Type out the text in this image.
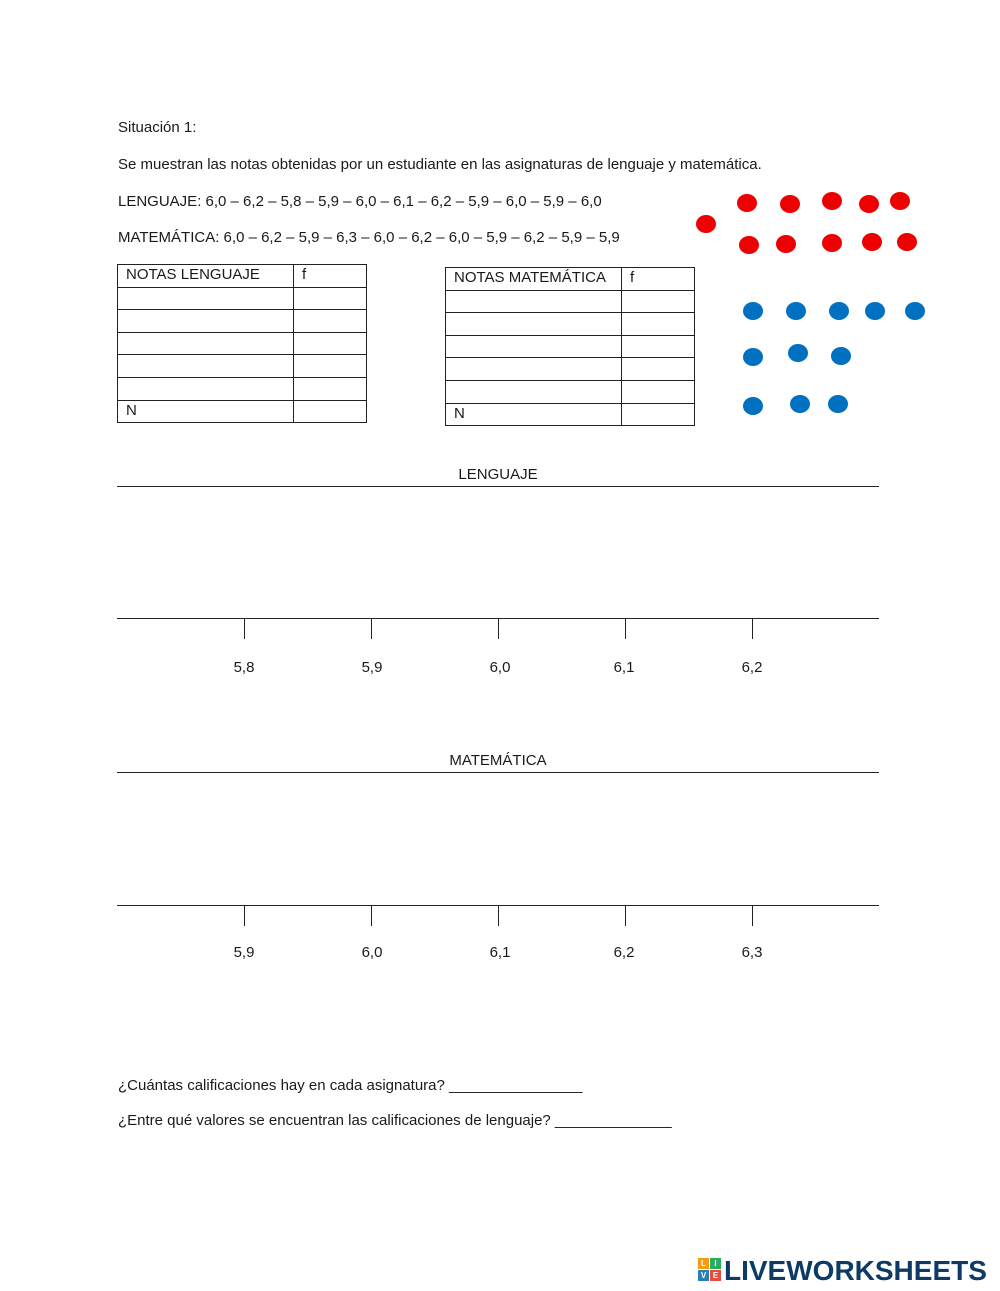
Situación 1:
Se muestran las notas obtenidas por un estudiante en las asignaturas de lenguaje y matemática.
LENGUAJE: 6,0 – 6,2 – 5,8 – 5,9 – 6,0 – 6,1 – 6,2 – 5,9 – 6,0 – 5,9 – 6,0
MATEMÁTICA: 6,0 – 6,2 – 5,9 – 6,3 – 6,0 – 6,2 – 6,0 – 5,9 – 6,2 – 5,9 – 5,9
NOTAS LENGUAJE	f

N	
NOTAS MATEMÁTICA	f

N	
LENGUAJE
5,8	5,9	6,0	6,1	6,2
MATEMÁTICA
5,9	6,0	6,1	6,2	6,3
¿Cuántas calificaciones hay en cada asignatura? ________________
¿Entre qué valores se encuentran las calificaciones de lenguaje? ______________
L	I
V E LIVEWORKSHEETS
